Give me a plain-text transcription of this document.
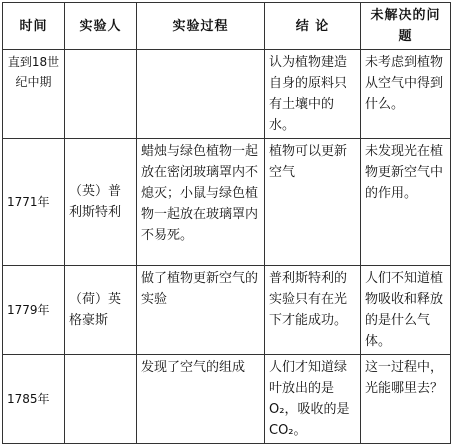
时间	实验人	实验过程	结 论	未解决的问题
直到18世纪中期			认为植物建造自身的原料只有土壤中的水。	未考虑到植物从空气中得到什么。
1771年	（英）普利斯特利	蜡烛与绿色植物一起放在密闭玻璃罩内不熄灭；小鼠与绿色植物一起放在玻璃罩内不易死。	植物可以更新空气	未发现光在植物更新空气中的作用。
1779年	（荷）英格豪斯	做了植物更新空气的实验	普利斯特利的实验只有在光下才能成功。	人们不知道植物吸收和释放的是什么气体。
1785年		发现了空气的组成	人们才知道绿叶放出的是O₂，吸收的是CO₂。	这一过程中，光能哪里去？
